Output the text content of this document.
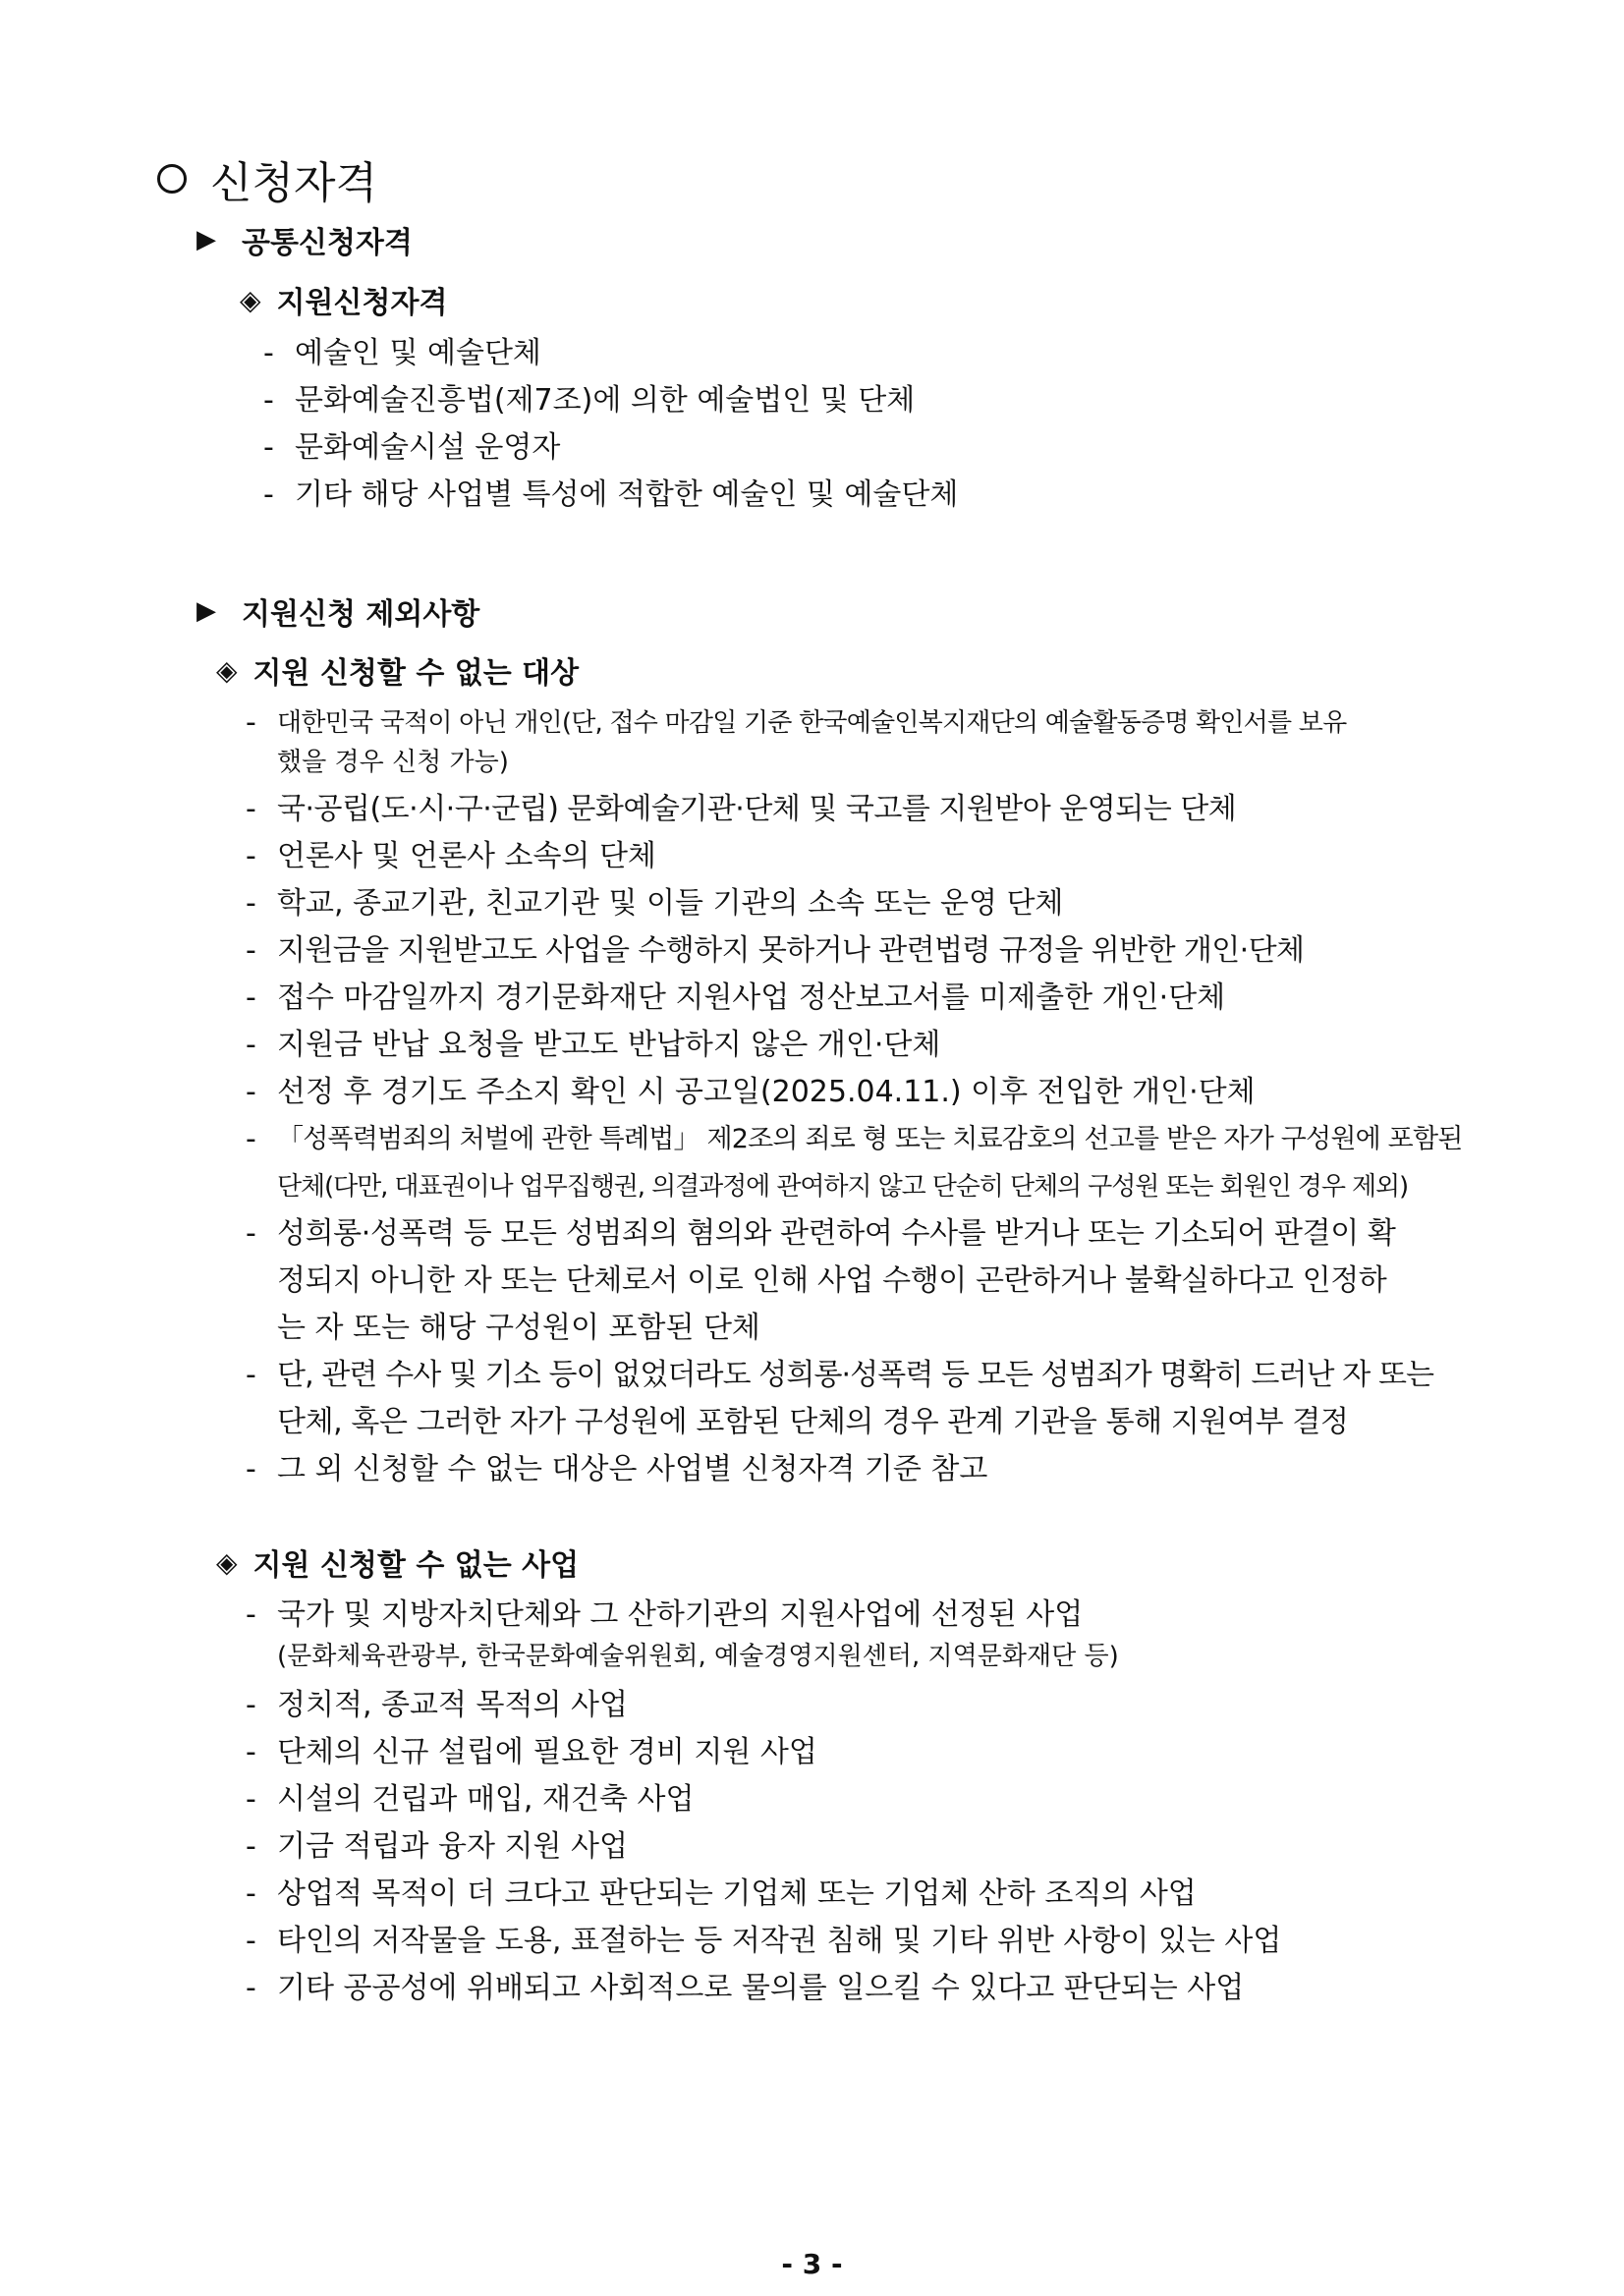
신청자격
▶ 공통신청자격
◈ 지원신청자격
- 예술인 및 예술단체
- 문화예술진흥법(제7조)에 의한 예술법인 및 단체
- 문화예술시설 운영자
- 기타 해당 사업별 특성에 적합한 예술인 및 예술단체
▶ 지원신청 제외사항
◈ 지원 신청할 수 없는 대상
- 대한민국 국적이 아닌 개인(단, 접수 마감일 기준 한국예술인복지재단의 예술활동증명 확인서를 보유
했을 경우 신청 가능)
- 국·공립(도·시·구·군립) 문화예술기관·단체 및 국고를 지원받아 운영되는 단체
- 언론사 및 언론사 소속의 단체
- 학교, 종교기관, 친교기관 및 이들 기관의 소속 또는 운영 단체
- 지원금을 지원받고도 사업을 수행하지 못하거나 관련법령 규정을 위반한 개인·단체
- 접수 마감일까지 경기문화재단 지원사업 정산보고서를 미제출한 개인·단체
- 지원금 반납 요청을 받고도 반납하지 않은 개인·단체
- 선정 후 경기도 주소지 확인 시 공고일(2025.04.11.) 이후 전입한 개인·단체
- 「성폭력범죄의 처벌에 관한 특례법」 제2조의 죄로 형 또는 치료감호의 선고를 받은 자가 구성원에 포함된
단체(다만, 대표권이나 업무집행권, 의결과정에 관여하지 않고 단순히 단체의 구성원 또는 회원인 경우 제외)
- 성희롱·성폭력 등 모든 성범죄의 혐의와 관련하여 수사를 받거나 또는 기소되어 판결이 확
정되지 아니한 자 또는 단체로서 이로 인해 사업 수행이 곤란하거나 불확실하다고 인정하
는 자 또는 해당 구성원이 포함된 단체
- 단, 관련 수사 및 기소 등이 없었더라도 성희롱·성폭력 등 모든 성범죄가 명확히 드러난 자 또는
단체, 혹은 그러한 자가 구성원에 포함된 단체의 경우 관계 기관을 통해 지원여부 결정
- 그 외 신청할 수 없는 대상은 사업별 신청자격 기준 참고
◈ 지원 신청할 수 없는 사업
- 국가 및 지방자치단체와 그 산하기관의 지원사업에 선정된 사업
(문화체육관광부, 한국문화예술위원회, 예술경영지원센터, 지역문화재단 등)
- 정치적, 종교적 목적의 사업
- 단체의 신규 설립에 필요한 경비 지원 사업
- 시설의 건립과 매입, 재건축 사업
- 기금 적립과 융자 지원 사업
- 상업적 목적이 더 크다고 판단되는 기업체 또는 기업체 산하 조직의 사업
- 타인의 저작물을 도용, 표절하는 등 저작권 침해 및 기타 위반 사항이 있는 사업
- 기타 공공성에 위배되고 사회적으로 물의를 일으킬 수 있다고 판단되는 사업
- 3 -
